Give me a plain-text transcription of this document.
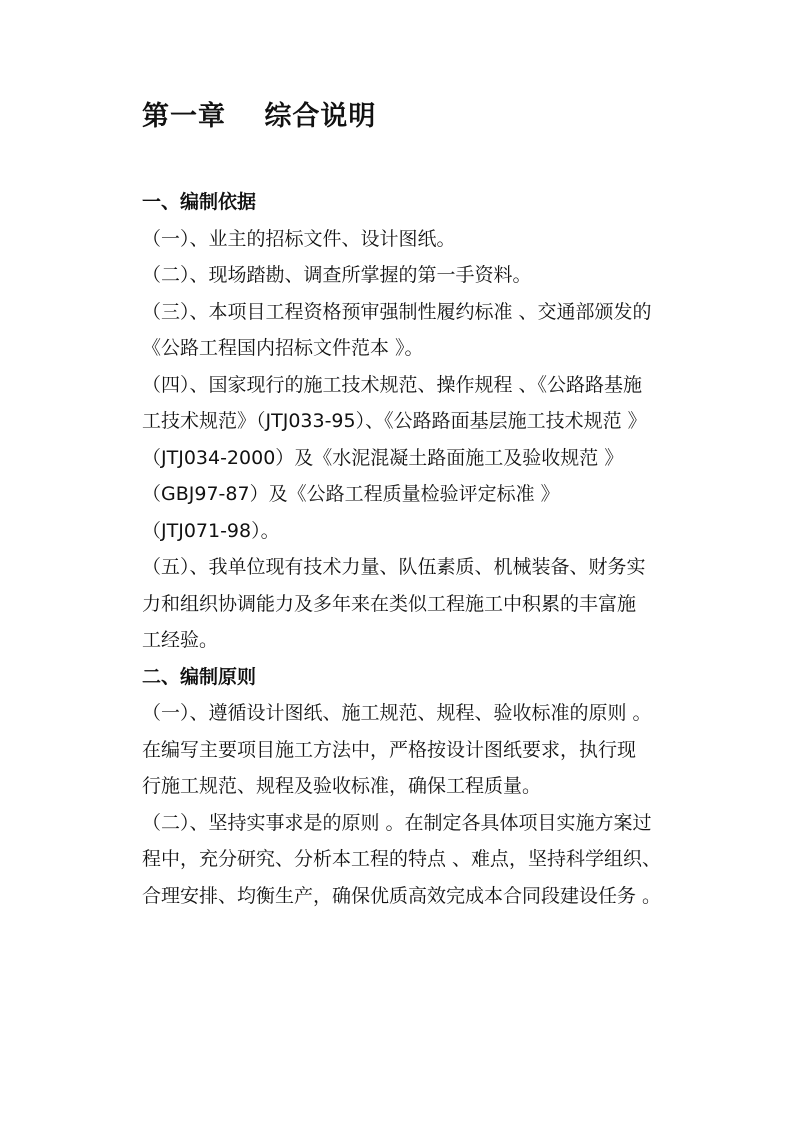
第一章　 综合说明

一、编制依据

（一）、业主的招标文件、设计图纸。

（二）、现场踏勘、调查所掌握的第一手资料。

（三）、本项目工程资格预审强制性履约标准 、交通部颁发的

《公路工程国内招标文件范本 》。

（四）、国家现行的施工技术规范、操作规程 、《公路路基施

工技术规范》（JTJ033-95）、《公路路面基层施工技术规范 》

（JTJ034-2000）及《水泥混凝土路面施工及验收规范 》

（GBJ97-87）及《公路工程质量检验评定标准 》

（JTJ071-98）。

（五）、我单位现有技术力量、队伍素质、机械装备、财务实

力和组织协调能力及多年来在类似工程施工中积累的丰富施

工经验。

二、编制原则

（一）、遵循设计图纸、施工规范、规程、验收标准的原则 。

在编写主要项目施工方法中，严格按设计图纸要求，执行现

行施工规范、规程及验收标准，确保工程质量。

（二）、坚持实事求是的原则 。在制定各具体项目实施方案过

程中，充分研究、分析本工程的特点 、难点，坚持科学组织、

合理安排、均衡生产，确保优质高效完成本合同段建设任务 。
